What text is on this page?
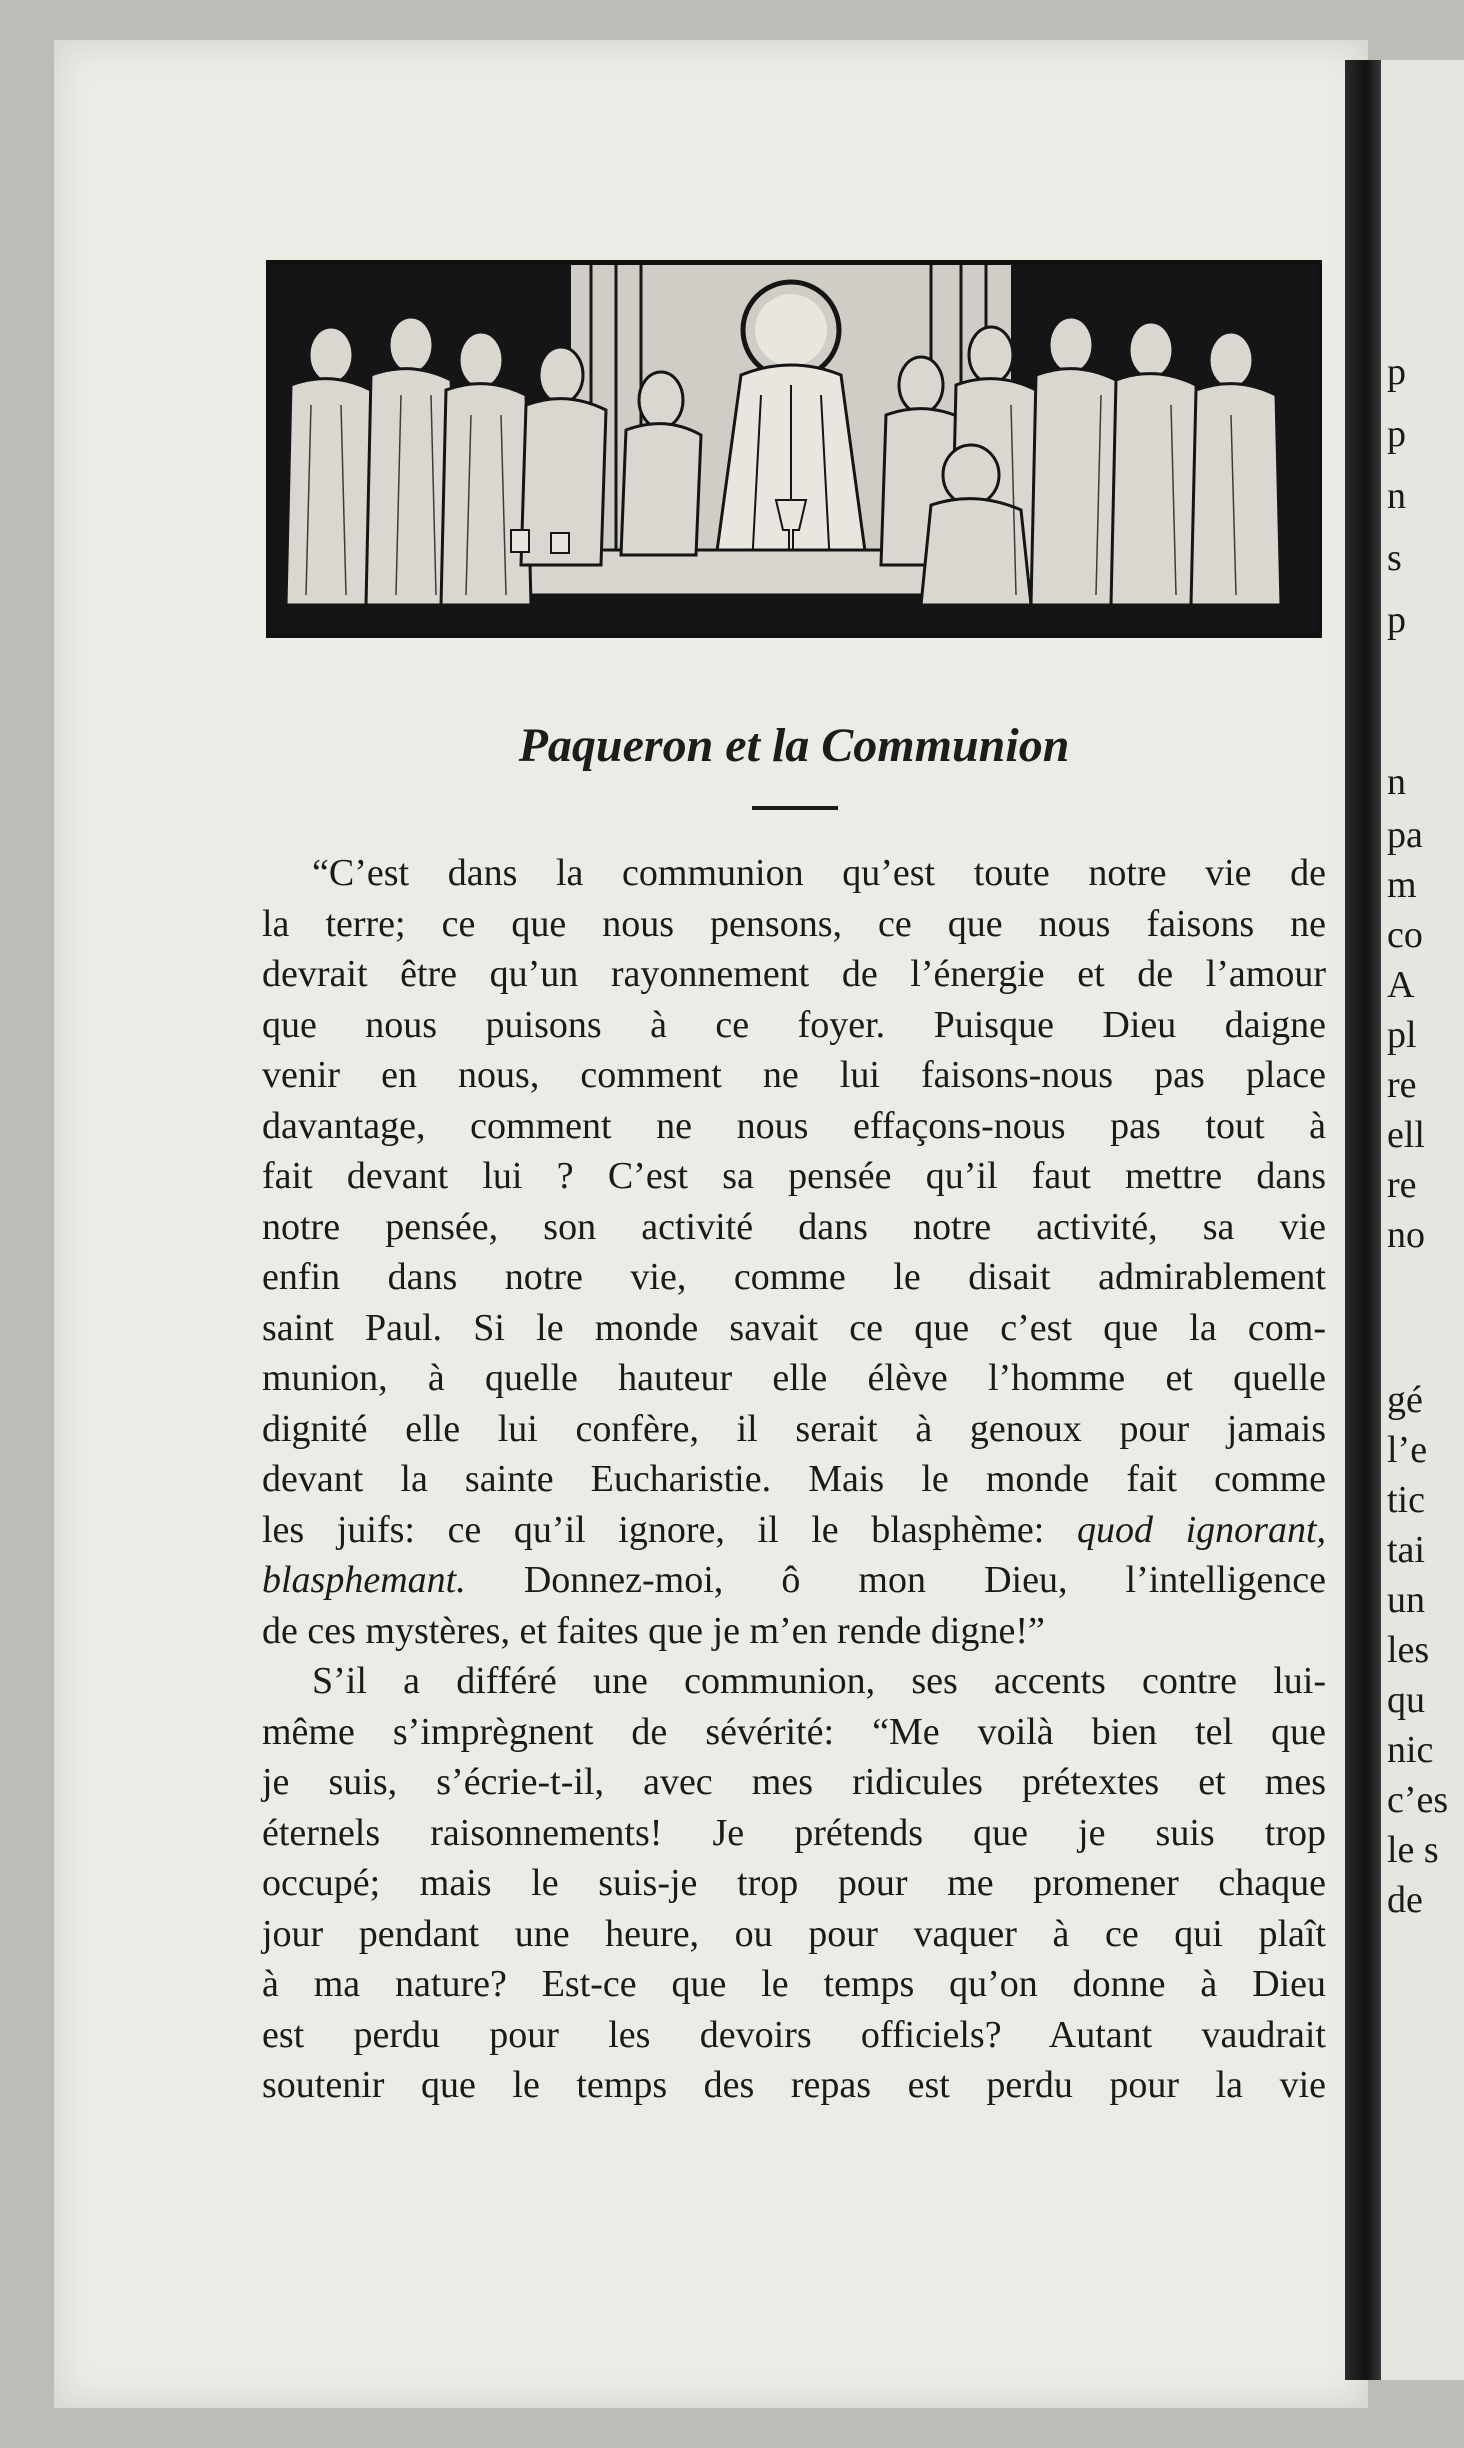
p
p
n
s
p
n
pa
m
co
A
pl
re
ell
re
no
gé
l’e
tic
tai
un
les
qu
nic
c’es
le s
de
Paqueron et la Communion
“C’est dans la communion qu’est toute notre vie de
la terre; ce que nous pensons, ce que nous faisons ne
devrait être qu’un rayonnement de l’énergie et de l’amour
que nous puisons à ce foyer. Puisque Dieu daigne
venir en nous, comment ne lui faisons-nous pas place
davantage, comment ne nous effaçons-nous pas tout à
fait devant lui ? C’est sa pensée qu’il faut mettre dans
notre pensée, son activité dans notre activité, sa vie
enfin dans notre vie, comme le disait admirablement
saint Paul. Si le monde savait ce que c’est que la com-
munion, à quelle hauteur elle élève l’homme et quelle
dignité elle lui confère, il serait à genoux pour jamais
devant la sainte Eucharistie. Mais le monde fait comme
les juifs: ce qu’il ignore, il le blasphème: quod ignorant,
blasphemant. Donnez-moi, ô mon Dieu, l’intelligence
de ces mystères, et faites que je m’en rende digne!”
S’il a différé une communion, ses accents contre lui-
même s’imprègnent de sévérité: “Me voilà bien tel que
je suis, s’écrie-t-il, avec mes ridicules prétextes et mes
éternels raisonnements! Je prétends que je suis trop
occupé; mais le suis-je trop pour me promener chaque
jour pendant une heure, ou pour vaquer à ce qui plaît
à ma nature? Est-ce que le temps qu’on donne à Dieu
est perdu pour les devoirs officiels? Autant vaudrait
soutenir que le temps des repas est perdu pour la vie
